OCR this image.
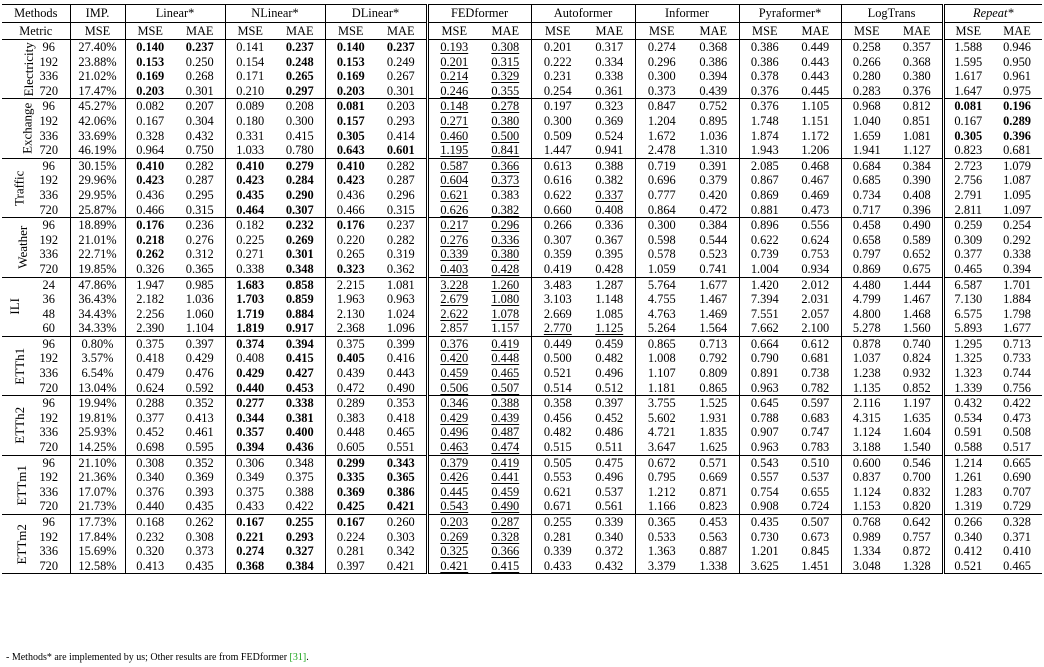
Methods		IMP.	Linear*		NLinear*		DLinear*		FEDformer		Autoformer		Informer		Pyraformer*		LogTrans		Repeat*	
Metric		MSE	MSE	MAE	MSE	MAE	MSE	MAE	MSE	MAE	MSE	MAE	MSE	MAE	MSE	MAE	MSE	MAE	MSE	MAE
Electricity	96	27.40%	0.140	0.237	0.141	0.237	0.140	0.237	0.193	0.308	0.201	0.317	0.274	0.368	0.386	0.449	0.258	0.357	1.588	0.946
	192	23.88%	0.153	0.250	0.154	0.248	0.153	0.249	0.201	0.315	0.222	0.334	0.296	0.386	0.386	0.443	0.266	0.368	1.595	0.950
	336	21.02%	0.169	0.268	0.171	0.265	0.169	0.267	0.214	0.329	0.231	0.338	0.300	0.394	0.378	0.443	0.280	0.380	1.617	0.961
	720	17.47%	0.203	0.301	0.210	0.297	0.203	0.301	0.246	0.355	0.254	0.361	0.373	0.439	0.376	0.445	0.283	0.376	1.647	0.975
Exchange	96	45.27%	0.082	0.207	0.089	0.208	0.081	0.203	0.148	0.278	0.197	0.323	0.847	0.752	0.376	1.105	0.968	0.812	0.081	0.196
	192	42.06%	0.167	0.304	0.180	0.300	0.157	0.293	0.271	0.380	0.300	0.369	1.204	0.895	1.748	1.151	1.040	0.851	0.167	0.289
	336	33.69%	0.328	0.432	0.331	0.415	0.305	0.414	0.460	0.500	0.509	0.524	1.672	1.036	1.874	1.172	1.659	1.081	0.305	0.396
	720	46.19%	0.964	0.750	1.033	0.780	0.643	0.601	1.195	0.841	1.447	0.941	2.478	1.310	1.943	1.206	1.941	1.127	0.823	0.681
Traffic	96	30.15%	0.410	0.282	0.410	0.279	0.410	0.282	0.587	0.366	0.613	0.388	0.719	0.391	2.085	0.468	0.684	0.384	2.723	1.079
	192	29.96%	0.423	0.287	0.423	0.284	0.423	0.287	0.604	0.373	0.616	0.382	0.696	0.379	0.867	0.467	0.685	0.390	2.756	1.087
	336	29.95%	0.436	0.295	0.435	0.290	0.436	0.296	0.621	0.383	0.622	0.337	0.777	0.420	0.869	0.469	0.734	0.408	2.791	1.095
	720	25.87%	0.466	0.315	0.464	0.307	0.466	0.315	0.626	0.382	0.660	0.408	0.864	0.472	0.881	0.473	0.717	0.396	2.811	1.097
Weather	96	18.89%	0.176	0.236	0.182	0.232	0.176	0.237	0.217	0.296	0.266	0.336	0.300	0.384	0.896	0.556	0.458	0.490	0.259	0.254
	192	21.01%	0.218	0.276	0.225	0.269	0.220	0.282	0.276	0.336	0.307	0.367	0.598	0.544	0.622	0.624	0.658	0.589	0.309	0.292
	336	22.71%	0.262	0.312	0.271	0.301	0.265	0.319	0.339	0.380	0.359	0.395	0.578	0.523	0.739	0.753	0.797	0.652	0.377	0.338
	720	19.85%	0.326	0.365	0.338	0.348	0.323	0.362	0.403	0.428	0.419	0.428	1.059	0.741	1.004	0.934	0.869	0.675	0.465	0.394
ILI	24	47.86%	1.947	0.985	1.683	0.858	2.215	1.081	3.228	1.260	3.483	1.287	5.764	1.677	1.420	2.012	4.480	1.444	6.587	1.701
	36	36.43%	2.182	1.036	1.703	0.859	1.963	0.963	2.679	1.080	3.103	1.148	4.755	1.467	7.394	2.031	4.799	1.467	7.130	1.884
	48	34.43%	2.256	1.060	1.719	0.884	2.130	1.024	2.622	1.078	2.669	1.085	4.763	1.469	7.551	2.057	4.800	1.468	6.575	1.798
	60	34.33%	2.390	1.104	1.819	0.917	2.368	1.096	2.857	1.157	2.770	1.125	5.264	1.564	7.662	2.100	5.278	1.560	5.893	1.677
ETTh1	96	0.80%	0.375	0.397	0.374	0.394	0.375	0.399	0.376	0.419	0.449	0.459	0.865	0.713	0.664	0.612	0.878	0.740	1.295	0.713
	192	3.57%	0.418	0.429	0.408	0.415	0.405	0.416	0.420	0.448	0.500	0.482	1.008	0.792	0.790	0.681	1.037	0.824	1.325	0.733
	336	6.54%	0.479	0.476	0.429	0.427	0.439	0.443	0.459	0.465	0.521	0.496	1.107	0.809	0.891	0.738	1.238	0.932	1.323	0.744
	720	13.04%	0.624	0.592	0.440	0.453	0.472	0.490	0.506	0.507	0.514	0.512	1.181	0.865	0.963	0.782	1.135	0.852	1.339	0.756
ETTh2	96	19.94%	0.288	0.352	0.277	0.338	0.289	0.353	0.346	0.388	0.358	0.397	3.755	1.525	0.645	0.597	2.116	1.197	0.432	0.422
	192	19.81%	0.377	0.413	0.344	0.381	0.383	0.418	0.429	0.439	0.456	0.452	5.602	1.931	0.788	0.683	4.315	1.635	0.534	0.473
	336	25.93%	0.452	0.461	0.357	0.400	0.448	0.465	0.496	0.487	0.482	0.486	4.721	1.835	0.907	0.747	1.124	1.604	0.591	0.508
	720	14.25%	0.698	0.595	0.394	0.436	0.605	0.551	0.463	0.474	0.515	0.511	3.647	1.625	0.963	0.783	3.188	1.540	0.588	0.517
ETTm1	96	21.10%	0.308	0.352	0.306	0.348	0.299	0.343	0.379	0.419	0.505	0.475	0.672	0.571	0.543	0.510	0.600	0.546	1.214	0.665
	192	21.36%	0.340	0.369	0.349	0.375	0.335	0.365	0.426	0.441	0.553	0.496	0.795	0.669	0.557	0.537	0.837	0.700	1.261	0.690
	336	17.07%	0.376	0.393	0.375	0.388	0.369	0.386	0.445	0.459	0.621	0.537	1.212	0.871	0.754	0.655	1.124	0.832	1.283	0.707
	720	21.73%	0.440	0.435	0.433	0.422	0.425	0.421	0.543	0.490	0.671	0.561	1.166	0.823	0.908	0.724	1.153	0.820	1.319	0.729
ETTm2	96	17.73%	0.168	0.262	0.167	0.255	0.167	0.260	0.203	0.287	0.255	0.339	0.365	0.453	0.435	0.507	0.768	0.642	0.266	0.328
	192	17.84%	0.232	0.308	0.221	0.293	0.224	0.303	0.269	0.328	0.281	0.340	0.533	0.563	0.730	0.673	0.989	0.757	0.340	0.371
	336	15.69%	0.320	0.373	0.274	0.327	0.281	0.342	0.325	0.366	0.339	0.372	1.363	0.887	1.201	0.845	1.334	0.872	0.412	0.410
	720	12.58%	0.413	0.435	0.368	0.384	0.397	0.421	0.421	0.415	0.433	0.432	3.379	1.338	3.625	1.451	3.048	1.328	0.521	0.465
- Methods* are implemented by us; Other results are from FEDformer [31].
